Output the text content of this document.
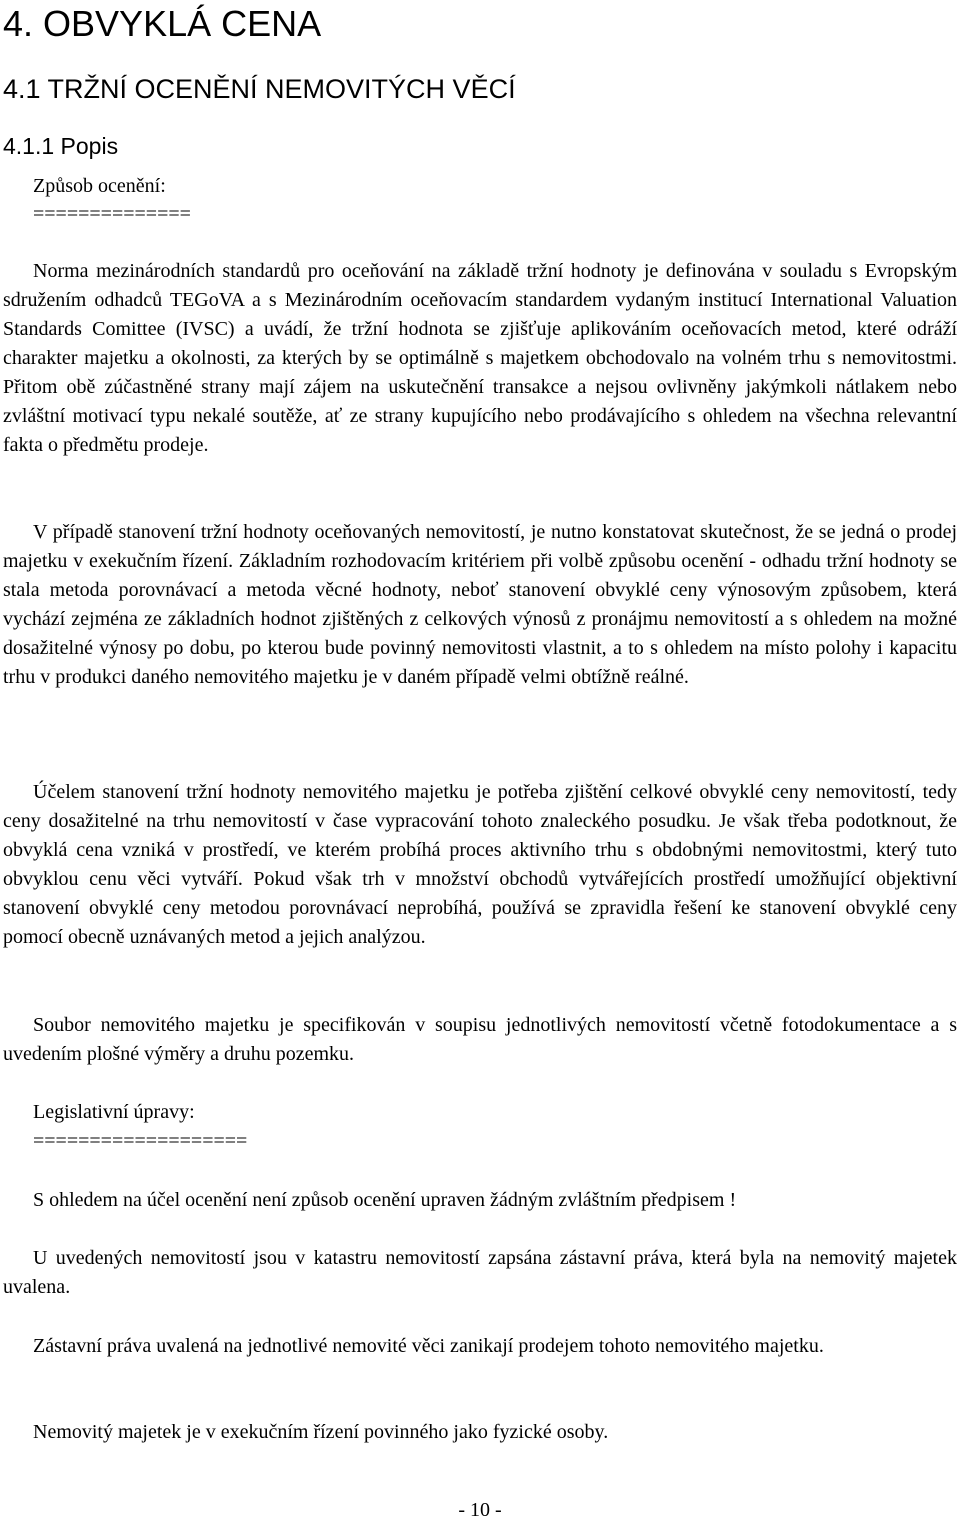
4. OBVYKLÁ CENA
4.1 TRŽNÍ OCENĚNÍ NEMOVITÝCH VĚCÍ
4.1.1 Popis

Způsob ocenění:

==============

Norma mezinárodních standardů pro oceňování na základě tržní hodnoty je definována v souladu s Evropským sdružením odhadců TEGoVA a s Mezinárodním oceňovacím standardem vydaným institucí International Valuation Standards Comittee (IVSC) a uvádí, že tržní hodnota se zjišťuje aplikováním oceňovacích metod, které odráží charakter majetku a okolnosti, za kterých by se optimálně s majetkem obchodovalo na volném trhu s nemovitostmi. Přitom obě zúčastněné strany mají zájem na uskutečnění transakce a nejsou ovlivněny jakýmkoli nátlakem nebo zvláštní motivací typu nekalé soutěže, ať ze strany kupujícího nebo prodávajícího s ohledem na všechna relevantní fakta o předmětu prodeje.

V případě stanovení tržní hodnoty oceňovaných nemovitostí, je nutno konstatovat skutečnost, že se jedná o prodej majetku v exekučním řízení. Základním rozhodovacím kritériem při volbě způsobu ocenění - odhadu tržní hodnoty se stala metoda porovnávací a metoda věcné hodnoty, neboť stanovení obvyklé ceny výnosovým způsobem, která vychází zejména ze základních hodnot zjištěných z celkových výnosů z pronájmu nemovitostí a s ohledem na možné dosažitelné výnosy po dobu, po kterou bude povinný nemovitosti vlastnit, a to s ohledem na místo polohy i kapacitu trhu v produkci daného nemovitého majetku je v daném případě velmi obtížně reálné.

Účelem stanovení tržní hodnoty nemovitého majetku je potřeba zjištění celkové obvyklé ceny nemovitostí, tedy ceny dosažitelné na trhu nemovitostí v čase vypracování tohoto znaleckého posudku. Je však třeba podotknout, že obvyklá cena vzniká v prostředí, ve kterém probíhá proces aktivního trhu s obdobnými nemovitostmi, který tuto obvyklou cenu věci vytváří. Pokud však trh v množství obchodů vytvářejících prostředí umožňující objektivní stanovení obvyklé ceny metodou porovnávací neprobíhá, používá se zpravidla řešení ke stanovení obvyklé ceny pomocí obecně uznávaných metod a jejich analýzou.

Soubor nemovitého majetku je specifikován v soupisu jednotlivých nemovitostí včetně fotodokumentace a s uvedením plošné výměry a druhu pozemku.

Legislativní úpravy:

===================

S ohledem na účel ocenění není způsob ocenění upraven žádným zvláštním předpisem !

U uvedených nemovitostí jsou v katastru nemovitostí zapsána zástavní práva, která byla na nemovitý majetek uvalena.

Zástavní práva uvalená na jednotlivé nemovité věci zanikají prodejem tohoto nemovitého majetku.

Nemovitý majetek je v exekučním řízení povinného jako fyzické osoby.

- 10 -
